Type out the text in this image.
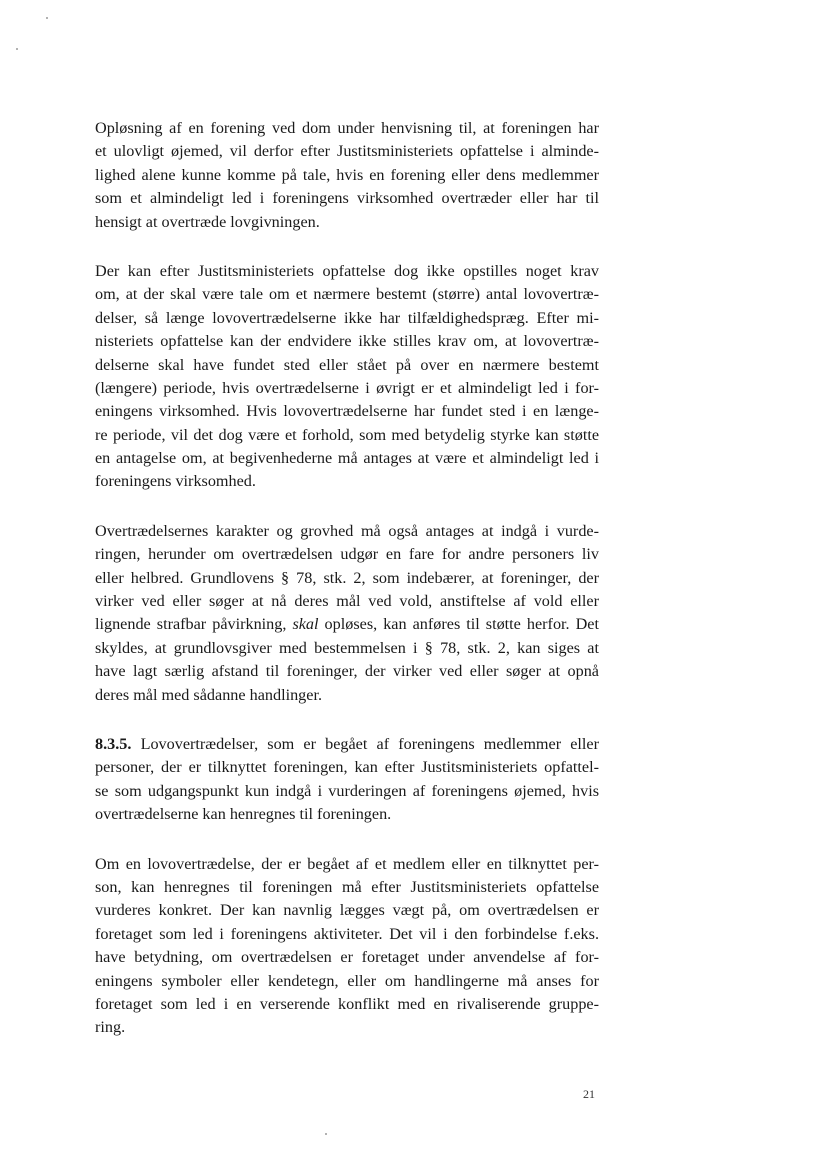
Opløsning af en forening ved dom under henvisning til, at foreningen har
et ulovligt øjemed, vil derfor efter Justitsministeriets opfattelse i alminde-
lighed alene kunne komme på tale, hvis en forening eller dens medlemmer
som et almindeligt led i foreningens virksomhed overtræder eller har til
hensigt at overtræde lovgivningen.

Der kan efter Justitsministeriets opfattelse dog ikke opstilles noget krav
om, at der skal være tale om et nærmere bestemt (større) antal lovovertræ-
delser, så længe lovovertrædelserne ikke har tilfældighedspræg. Efter mi-
nisteriets opfattelse kan der endvidere ikke stilles krav om, at lovovertræ-
delserne skal have fundet sted eller stået på over en nærmere bestemt
(længere) periode, hvis overtrædelserne i øvrigt er et almindeligt led i for-
eningens virksomhed. Hvis lovovertrædelserne har fundet sted i en længe-
re periode, vil det dog være et forhold, som med betydelig styrke kan støtte
en antagelse om, at begivenhederne må antages at være et almindeligt led i
foreningens virksomhed.

Overtrædelsernes karakter og grovhed må også antages at indgå i vurde-
ringen, herunder om overtrædelsen udgør en fare for andre personers liv
eller helbred. Grundlovens § 78, stk. 2, som indebærer, at foreninger, der
virker ved eller søger at nå deres mål ved vold, anstiftelse af vold eller
lignende strafbar påvirkning, skal opløses, kan anføres til støtte herfor. Det
skyldes, at grundlovsgiver med bestemmelsen i § 78, stk. 2, kan siges at
have lagt særlig afstand til foreninger, der virker ved eller søger at opnå
deres mål med sådanne handlinger.

8.3.5. Lovovertrædelser, som er begået af foreningens medlemmer eller
personer, der er tilknyttet foreningen, kan efter Justitsministeriets opfattel-
se som udgangspunkt kun indgå i vurderingen af foreningens øjemed, hvis
overtrædelserne kan henregnes til foreningen.

Om en lovovertrædelse, der er begået af et medlem eller en tilknyttet per-
son, kan henregnes til foreningen må efter Justitsministeriets opfattelse
vurderes konkret. Der kan navnlig lægges vægt på, om overtrædelsen er
foretaget som led i foreningens aktiviteter. Det vil i den forbindelse f.eks.
have betydning, om overtrædelsen er foretaget under anvendelse af for-
eningens symboler eller kendetegn, eller om handlingerne må anses for
foretaget som led i en verserende konflikt med en rivaliserende gruppe-
ring.

21
